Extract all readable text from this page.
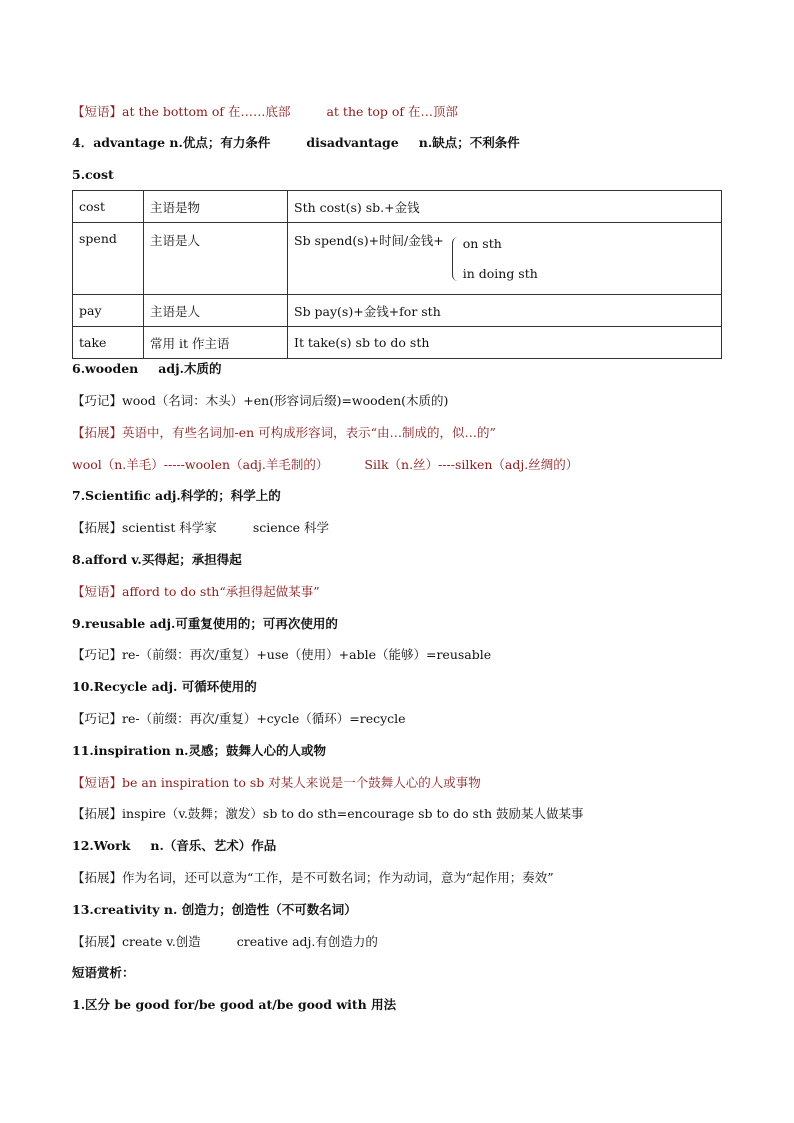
【短语】at the bottom of 在……底部	at the top of 在…顶部
4．advantage n.优点；有力条件	disadvantage n.缺点；不利条件
5.cost
cost	主语是物	Sth cost(s) sb.+金钱
spend	主语是人	Sb spend(s)+时间/金钱+ on sth
in doing sth

pay	主语是人	Sb pay(s)+金钱+for sth
take	常用 it 作主语	It take(s) sb to do sth
6.wooden adj.木质的
【巧记】wood（名词：木头）+en(形容词后缀)=wooden(木质的)
【拓展】英语中，有些名词加-en 可构成形容词，表示“由…制成的，似…的”
wool（n.羊毛）-----woolen（adj.羊毛制的）	Silk（n.丝）----silken（adj.丝绸的）
7.Scientific adj.科学的；科学上的
【拓展】scientist 科学家	science 科学
8.afford v.买得起；承担得起
【短语】afford to do sth“承担得起做某事”
9.reusable adj.可重复使用的；可再次使用的
【巧记】re-（前缀：再次/重复）+use（使用）+able（能够）=reusable
10.Recycle adj. 可循环使用的
【巧记】re-（前缀：再次/重复）+cycle（循环）=recycle
11.inspiration n.灵感；鼓舞人心的人或物
【短语】be an inspiration to sb 对某人来说是一个鼓舞人心的人或事物
【拓展】inspire（v.鼓舞；激发）sb to do sth=encourage sb to do sth 鼓励某人做某事
12.Work n.（音乐、艺术）作品
【拓展】作为名词，还可以意为“工作，是不可数名词；作为动词，意为“起作用；奏效”
13.creativity n. 创造力；创造性（不可数名词）
【拓展】create v.创造	creative adj.有创造力的
短语赏析：
1.区分 be good for/be good at/be good with 用法
